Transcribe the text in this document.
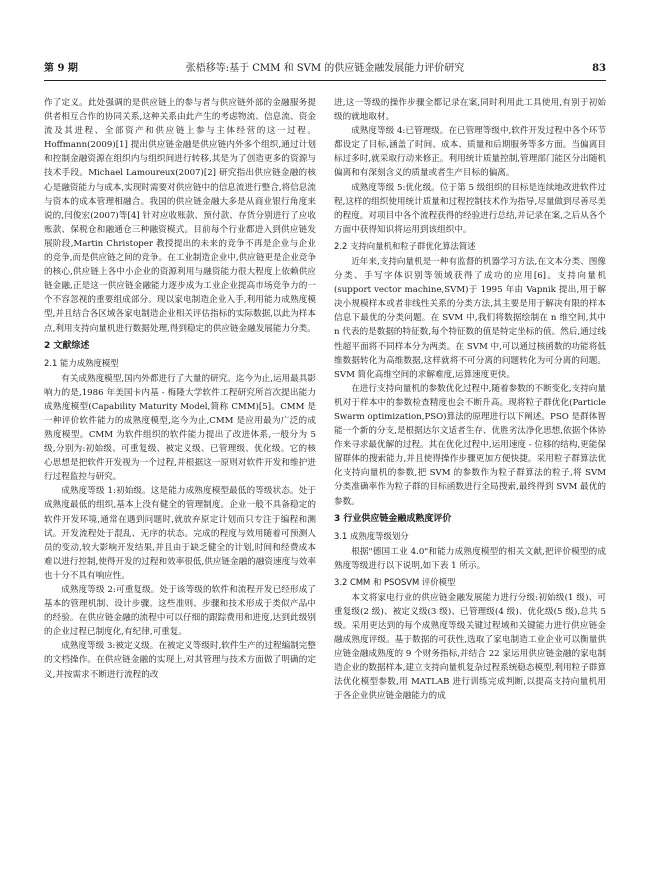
第 9 期	张梧移等:基于 CMM 和 SVM 的供应链金融发展能力评价研究	83

作了定义。此处强调的是供应链上的参与者与供应链外部的金融服务提供者相互合作的协同关系,这种关系由此产生的考虑物流、信息流、资金流及其进程、全部资产和供应链上参与主体经营的这一过程。Hoffmann(2009)[1] 提出供应链金融是供应链内外多个组织,通过计划和控制金融资源在组织内与组织间进行转移,其是为了创造更多的资源与技术手段。Michael Lamoureux(2007)[2] 研究指出供应链金融的核心是融资能力与成本,实现时需要对供应链中的信息流进行整合,将信息流与资本的成本管理相融合。我国的供应链金融大多是从商业银行角度来说的,闫俊宏(2007)等[4] 针对应收账款、预付款、存货分别进行了应收账款、保税仓和融通仓三种融资模式。目前每个行业都进入到供应链发展阶段,Martin Christoper 教授提出的未来的竞争不再是企业与企业的竞争,而是供应链之间的竞争。在工业制造企业中,供应链更是企业竞争的核心,供应链上各中小企业的资源利用与融资能力很大程度上依赖供应链金融,正是这一供应链金融能力逐步成为工业企业提高市场竞争力的一个不容忽视的重要组成部分。现以家电制造企业入手,利用能力成熟度模型,并且结合各区域各家电制造企业相关评估指标的实际数据,以此为样本点,利用支持向量机进行数据处理,得到稳定的供应链金融发展能力分类。

2 文献综述
2.1 能力成熟度模型

有关成熟度模型,国内外都进行了大量的研究。迄今为止,运用最具影响力的是,1986 年美国卡内基 - 梅隆大学软件工程研究所首次提出能力成熟度模型(Capability Maturity Model,简称 CMM)[5]。CMM 是一种评价软件能力的成熟度模型,迄今为止,CMM 是应用最为广泛的成熟度模型。CMM 为软件组织的软件能力提出了改进体系,一般分为 5 级,分别为:初始级、可重复级、被定义级、已管理级、优化级。它的核心思想是把软件开发视为一个过程,并根据这一原则对软件开发和维护进行过程监控与研究。

成熟度等级 1:初始级。这是能力成熟度模型最低的等级状态。处于成熟度最低的组织,基本上没有健全的管理制度。企业一般不具备稳定的软件开发环境,通常在遇到问题时,就放弃原定计划而只专注于编程和测试。开发流程处于混乱、无序的状态。完成的程度与效用随着可预测人员的变动,较大影响开发结果,并且由于缺乏健全的计划,时间和经费成本难以进行控制,使得开发的过程和效率很低,供应链金融的融资速度与效率也十分不具有响应性。

成熟度等级 2:可重复级。处于该等级的软件和流程开发已经形成了基本的管理机制、设计步骤。这些准则、步骤和技术形成于类似产品中的经验。在供应链金融的流程中可以仔细的跟踪费用和进度,达到此级别的企业过程已制度化,有纪律,可重复。

成熟度等级 3:被定义级。在被定义等级时,软件生产的过程编制完整的文档操作。在供应链金融的实现上,对其管理与技术方面做了明确的定义,并按需求不断进行流程的改

进,这一等级的操作步骤全都记录在案,同时利用此工具使用,有别于初始级的就地取材。

成熟度等级 4:已管理级。在已管理等级中,软件开发过程中各个环节都设定了目标,涵盖了时间、成本、质量和后期服务等多方面。当偏离目标过多时,就采取行动来修正。利用统计质量控制,管理部门能区分出随机偏离和有深刻含义的质量或者生产目标的偏离。

成熟度等级 5:优化级。位于第 5 级组织的目标是连续地改进软件过程,这样的组织使用统计质量和过程控制技术作为指导,尽量做到尽善尽美的程度。对项目中各个流程获得的经验进行总结,并记录在案,之后从各个方面中获得知识将运用到该组织中。

2.2 支持向量机和粒子群优化算法简述

近年来,支持向量机是一种有监督的机器学习方法,在文本分类、图像分类、手写字体识别等领域获得了成功的应用[6]。支持向量机(support vector machine,SVM)于 1995 年由 Vapnik 提出,用于解决小规模样本或者非线性关系的分类方法,其主要是用于解决有限的样本信息下最优的分类问题。在 SVM 中,我们将数据绘制在 n 维空间,其中 n 代表的是数据的特征数,每个特征数的值是特定坐标的值。然后,通过线性超平面将不同样本分为两类。在 SVM 中,可以通过核函数的功能将低维数据转化为高维数据,这样就将不可分离的问题转化为可分离的问题。SVM 简化高维空间的求解难度,运算速度更快。

在进行支持向量机的参数优化过程中,随着参数的不断变化,支持向量机对于样本中的参数检查精度也会不断升高。现将粒子群优化(Particle Swarm optimization,PSO)算法的原理进行以下阐述。PSO 是群体智能一个新的分支,是根据达尔文适者生存、优胜劣汰净化思想,依据个体协作来寻求最优解的过程。其在优化过程中,运用速度 - 位移的结构,更能保留群体的搜索能力,并且使得操作步骤更加方便快捷。采用粒子群算法优化支持向量机的参数,把 SVM 的参数作为粒子群算法的粒子,将 SVM 分类准确率作为粒子群的目标函数进行全局搜索,最终得到 SVM 最优的参数。

3 行业供应链金融成熟度评价
3.1 成熟度等级划分

根据"德国工业 4.0"和能力成熟度模型的相关文献,把评价模型的成熟度等级进行以下说明,如下表 1 所示。

3.2 CMM 和 PSOSVM 评价模型

本文将家电行业的供应链金融发展能力进行分级:初始级(1 级)、可重复级(2 级)、被定义级(3 级)、已管理级(4 级)、优化级(5 级),总共 5 级。采用更达到的每个成熟度等级关键过程域和关键能力进行供应链金融成熟度评级。基于数据的可获性,选取了家电制造工业企业可以衡量供应链金融成熟度的 9 个财务指标,并结合 22 家运用供应链金融的家电制造企业的数据样本,建立支持向量机复杂过程系统稳态模型,利用粒子群算法优化模型参数,用 MATLAB 进行训练完成判断,以提高支持向量机用于各企业供应链金融能力的成
